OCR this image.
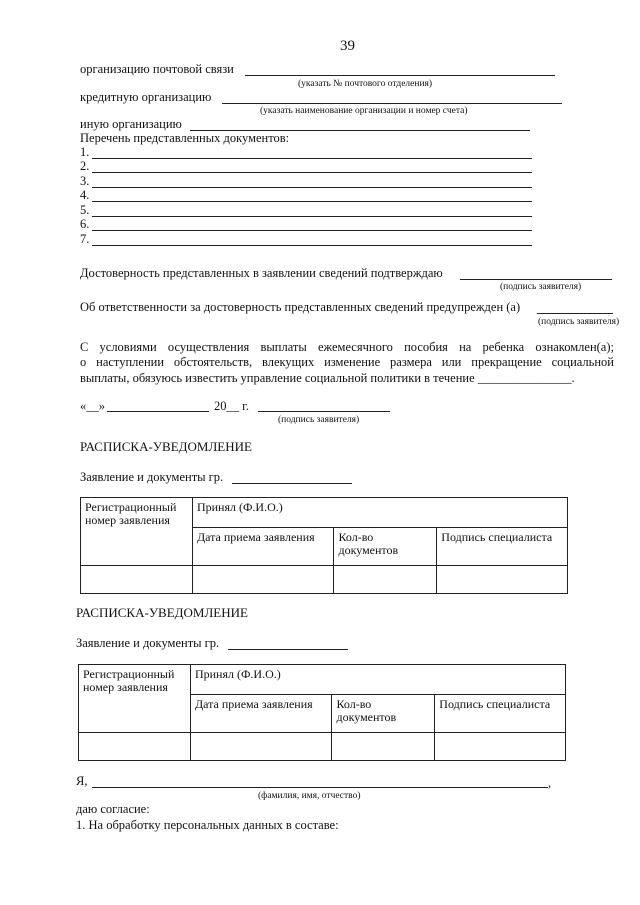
39
организацию почтовой связи
(указать № почтового отделения)
кредитную организацию
(указать наименование организации и номер счета)
иную организацию
Перечень представленных документов:
1.
2.
3.
4.
5.
6.
7.
Достоверность представленных в заявлении сведений подтверждаю
(подпись заявителя)
Об ответственности за достоверность представленных сведений предупрежден (а)
(подпись заявителя)
С условиями осуществления выплаты ежемесячного пособия на ребенка ознакомлен(а);
о наступлении обстоятельств, влекущих изменение размера или прекращение социальной
выплаты, обязуюсь известить управление социальной политики в течение _______________.
«__»	20__ г.
(подпись заявителя)
РАСПИСКА-УВЕДОМЛЕНИЕ
Заявление и документы гр.
Регистрационный номер заявления	Принял (Ф.И.О.)		
	Дата приема заявления	Кол-во документов	Подпись специалиста

РАСПИСКА-УВЕДОМЛЕНИЕ
Заявление и документы гр.
Регистрационный номер заявления	Принял (Ф.И.О.)		
	Дата приема заявления	Кол-во документов	Подпись специалиста

Я,	,
(фамилия, имя, отчество)
даю согласие:
1. На обработку персональных данных в составе:
